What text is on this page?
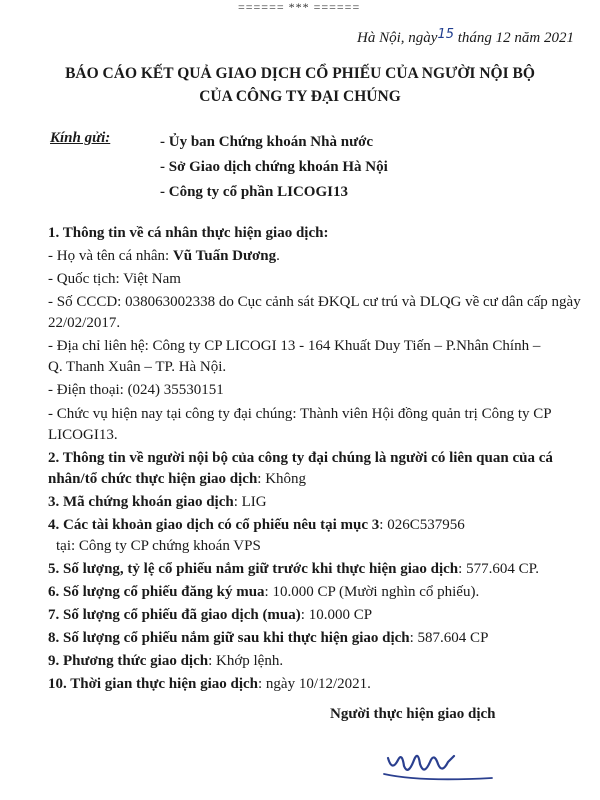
====== *** ======
Hà Nội, ngày15 tháng 12 năm 2021
BÁO CÁO KẾT QUẢ GIAO DỊCH CỔ PHIẾU CỦA NGƯỜI NỘI BỘ
CỦA CÔNG TY ĐẠI CHÚNG
Kính gửi:	- Ủy ban Chứng khoán Nhà nước
- Sở Giao dịch chứng khoán Hà Nội
- Công ty cổ phần LICOGI13
1. Thông tin về cá nhân thực hiện giao dịch:
- Họ và tên cá nhân: Vũ Tuấn Dương.
- Quốc tịch: Việt Nam
- Số CCCD: 038063002338 do Cục cảnh sát ĐKQL cư trú và DLQG về cư dân cấp ngày
22/02/2017.
- Địa chỉ liên hệ: Công ty CP LICOGI 13 - 164 Khuất Duy Tiến – P.Nhân Chính –
Q. Thanh Xuân – TP. Hà Nội.
- Điện thoại: (024) 35530151
- Chức vụ hiện nay tại công ty đại chúng: Thành viên Hội đồng quản trị Công ty CP
LICOGI13.
2. Thông tin về người nội bộ của công ty đại chúng là người có liên quan của cá
nhân/tổ chức thực hiện giao dịch: Không
3. Mã chứng khoán giao dịch: LIG
4. Các tài khoản giao dịch có cổ phiếu nêu tại mục 3: 026C537956
tại: Công ty CP chứng khoán VPS
5. Số lượng, tỷ lệ cổ phiếu nắm giữ trước khi thực hiện giao dịch: 577.604 CP.
6. Số lượng cổ phiếu đăng ký mua: 10.000 CP (Mười nghìn cổ phiếu).
7. Số lượng cổ phiếu đã giao dịch (mua): 10.000 CP
8. Số lượng cổ phiếu nắm giữ sau khi thực hiện giao dịch: 587.604 CP
9. Phương thức giao dịch: Khớp lệnh.
10. Thời gian thực hiện giao dịch: ngày 10/12/2021.
Người thực hiện giao dịch
